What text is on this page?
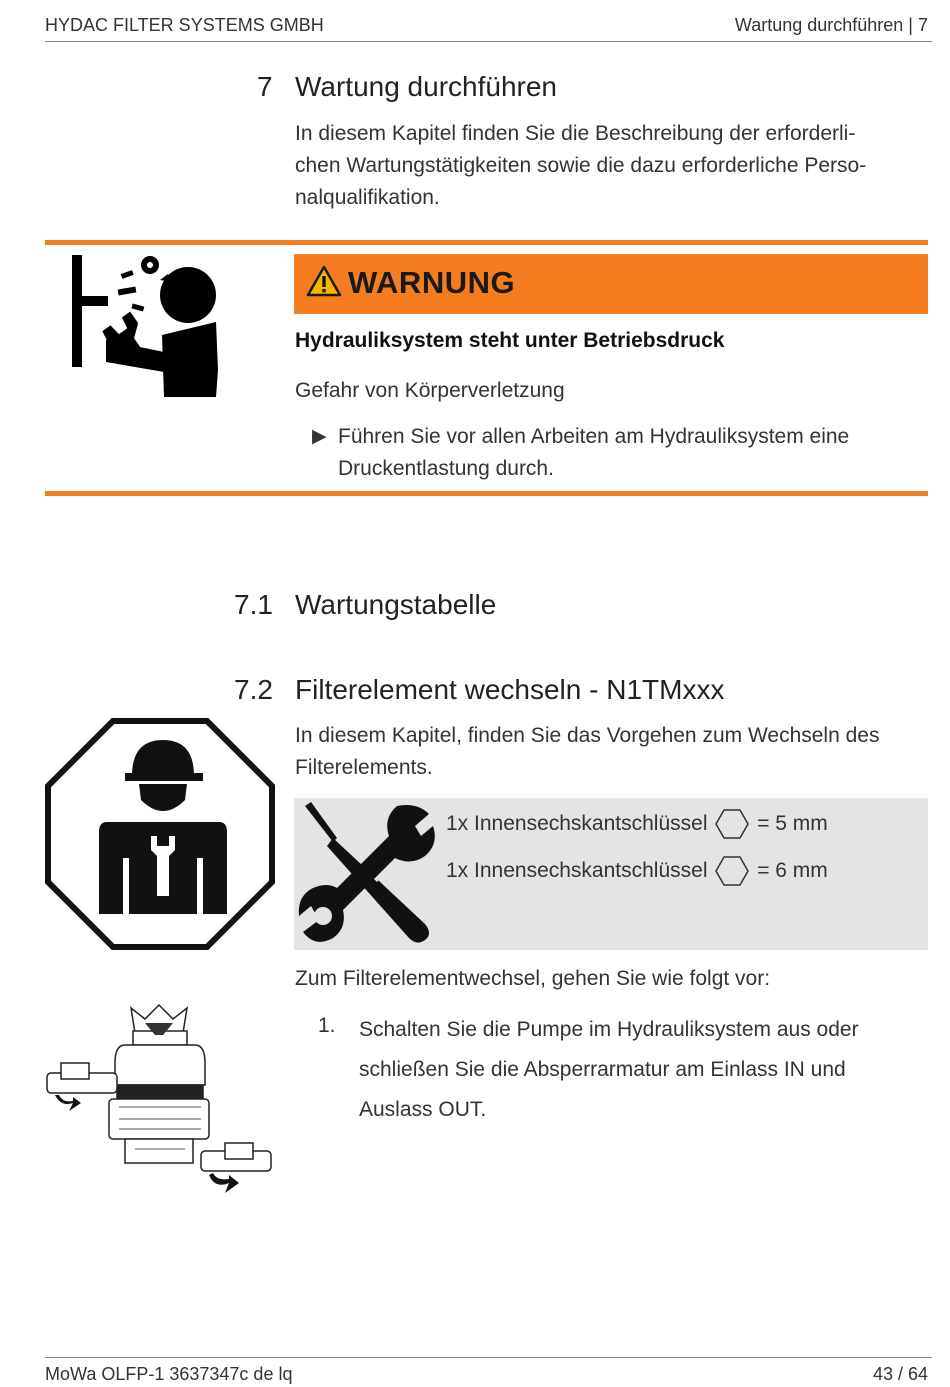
HYDAC FILTER SYSTEMS GMBH	Wartung durchführen | 7
7 Wartung durchführen
In diesem Kapitel finden Sie die Beschreibung der erforderli-
chen Wartungstätigkeiten sowie die dazu erforderliche Perso-
nalqualifikation.
WARNUNG
Hydrauliksystem steht unter Betriebsdruck
Gefahr von Körperverletzung
▶ Führen Sie vor allen Arbeiten am Hydrauliksystem eine
Druckentlastung durch.
7.1 Wartungstabelle
7.2 Filterelement wechseln - N1TMxxx
In diesem Kapitel, finden Sie das Vorgehen zum Wechseln des
Filterelements.
1x Innensechskantschlüssel = 5 mm
1x Innensechskantschlüssel = 6 mm
Zum Filterelementwechsel, gehen Sie wie folgt vor:
1. Schalten Sie die Pumpe im Hydrauliksystem aus oder
schließen Sie die Absperrarmatur am Einlass IN und
Auslass OUT.
MoWa OLFP-1 3637347c de lq	43 / 64
